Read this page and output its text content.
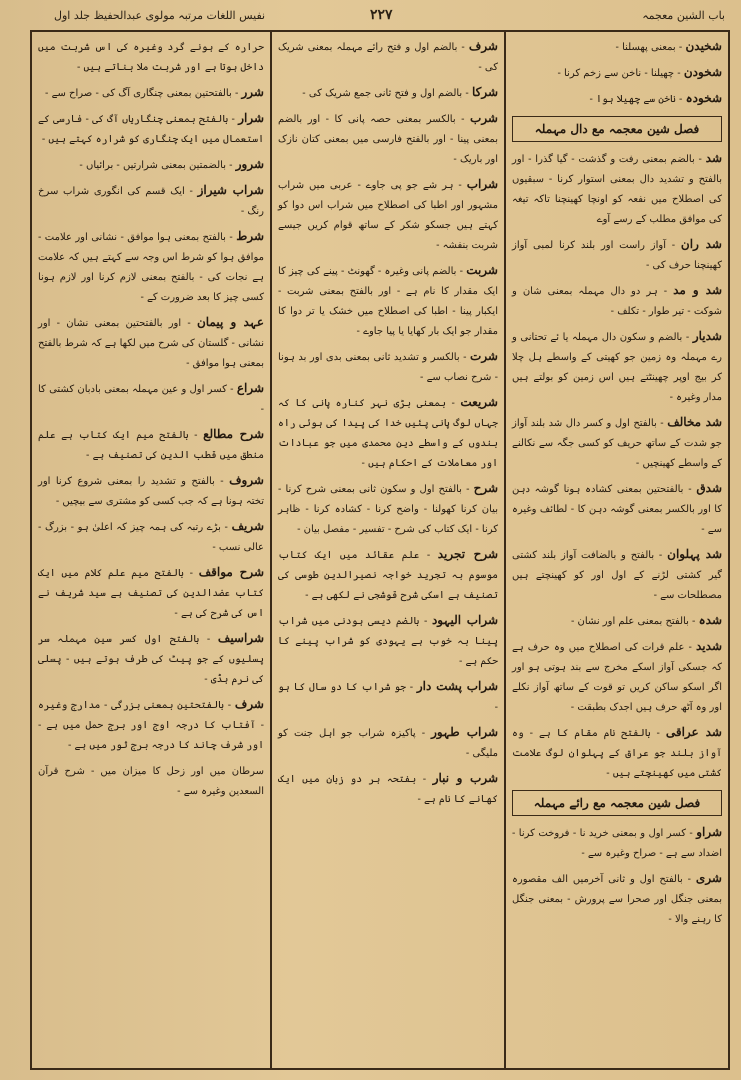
باب الشین معجمہ
۲۲۷
نفیس اللغات مرتبہ مولوی عبدالحفیظ جلد اول
شخیدن - بمعنی پھسلنا -
شخودن - چھیلنا - ناخن سے زخم کرنا -
شخودہ - ناخن سے چھیلا ہوا -
فصل شین معجمہ مع دال مہملہ
شد - بالضم بمعنی رفت و گذشت - گیا گذرا - اور بالفتح و تشدید دال بمعنی استوار کرنا - سبقیوں کی اصطلاح میں نفعہ کو اونچا کھینچنا تاکہ تیغہ کی موافق مطلب کے رسے آوے
شد ران - آواز راست اور بلند کرنا لمبی آواز کھینچنا حرف کی -
شد و مد - ہر دو دال مہملہ بمعنی شان و شوکت - تیر طوار - تکلف -
شدیار - بالضم و سکون دال مہملہ یا ئے تحتانی و رے مہملہ وہ زمین جو کھیتی کے واسطے ہل چلا کر بیج اوپر چھینٹتے ہیں اس زمین کو بولتے ہیں مدار وغیرہ -
شد مخالف - بالفتح اول و کسر دال شد بلند آواز جو شدت کے ساتھ حریف کو کسی جگہ سے نکالنے کے واسطے کھینچیں -
شدق - بالفتحتین بمعنی کشادہ ہونا گوشہ دہن کا اور بالکسر بمعنی گوشہ دہن کا - لطائف وغیرہ سے -
شد پہلوان - بالفتح و بالضافت آواز بلند کشتی گیر کشتی لڑنے کے اول اور کو کھینچتے ہیں مصطلحات سے -
شدہ - بالفتح بمعنی علم اور نشان -
شدید - علم قرات کی اصطلاح میں وہ حرف ہے کہ جسکی آواز اسکے مخرج سے بند ہوتی ہو اور اگر اسکو ساکن کریں تو قوت کے ساتھ آواز نکلے اور وہ آٹھ حرف ہیں اجدک بطبقت -
شد عراقی - بالفتح نام مقام کا ہے - وہ آواز بلند جو عراق کے پہلوان لوگ علامت کشتی میں کھینچتے ہیں -
فصل شین معجمہ مع رائے مہملہ
شراو - کسر اول و بمعنی خرید نا - فروخت کرنا - اضداد سے ہے - صراح وغیرہ سے -
شری - بالفتح اول و ثانی آخرمیں الف مقصورہ بمعنی جنگل اور صحرا سے پرورش - بمعنی جنگل کا رہنے والا -
شرف - بالضم اول و فتح رائے مہملہ بمعنی شریک کی -
شرکا - بالضم اول و فتح ثانی جمع شریک کی -
شرب - بالکسر بمعنی حصہ پانی کا - اور بالضم بمعنی پینا - اور بالفتح فارسی میں بمعنی کتان نازک اور باریک -
شراب - ہر شے جو پی جاوے - عربی میں شراب مشہور اور اطبا کی اصطلاح میں شراب اس دوا کو کہتے ہیں جسکو شکر کے ساتھ قوام کریں جیسے شربت بنفشہ -
شربت - بالضم پانی وغیرہ - گھونٹ - پینے کی چیز کا ایک مقدار کا نام ہے - اور بالفتح بمعنی شربت - ایکبار پینا - اطبا کی اصطلاح میں خشک یا تر دوا کا مقدار جو ایک بار کھایا یا پیا جاوے -
شرت - بالکسر و تشدید ثانی بمعنی بدی اور بد ہونا - شرح نصاب سے -
شریعت - بمعنی بڑی نہر کنارہ پانی کا کہ جہاں لوگ پانی پئیں خدا کی پیدا کی ہوئی راہ بندوں کے واسطے دین محمدی میں جو عبادات اور معاملات کے احکام ہیں -
شرح - بالفتح اول و سکون ثانی بمعنی شرح کرنا - بیان کرنا کھولنا - واضح کرنا - کشادہ کرنا - ظاہر کرنا - ایک کتاب کی شرح - تفسیر - مفصل بیان -
شرح تجرید - علم عقائد میں ایک کتاب موسوم بہ تجرید خواجہ نصیرالدین طوسی کی تصنیف ہے اسکی شرح قوشجی نے لکھی ہے -
شراب الیہود - بالضم دیسی ہودنی میں شراب پینا بہ خوب ہے یہودی کو شراب پینے کا حکم ہے -
شراب پشت دار - جو شراب کا دو سال کا ہو -
شراب طہور - پاکیزہ شراب جو اہل جنت کو ملیگی -
شرب و نبار - بفتحہ ہر دو زبان میں ایک کھانے کا نام ہے -
حرارہ کے ہونے گرد وغیرہ کی اس شربت میں داخل ہوتا ہے اور شربت ملا بناتے ہیں -
شرر - بالفتحتین بمعنی چنگاری آگ کی - صراح سے -
شرار - بالفتح بمعنی چنگاریاں آگ کی - فارسی کے استعمال میں ایک چنگاری کو شرارہ کہتے ہیں -
شرور - بالضمتین بمعنی شرارتیں - برائیاں -
شراب شیراز - ایک قسم کی انگوری شراب سرخ رنگ -
شرط - بالفتح بمعنی ہوا موافق - نشانی اور علامت - موافق ہوا کو شرط اس وجہ سے کہتے ہیں کہ علامت ہے نجات کی - بالفتح بمعنی لازم کرنا اور لازم ہونا کسی چیز کا بعد ضرورت کے -
عہد و پیمان - اور بالفتحتین بمعنی نشان - اور نشانی - گلستان کی شرح میں لکھا ہے کہ شرط بالفتح بمعنی ہوا موافق -
شراع - کسر اول و عین مہملہ بمعنی بادبان کشتی کا -
شرح مطالع - بالفتح میم ایک کتاب ہے علم منطق میں قطب الدین کی تصنیف ہے -
شروف - بالفتح و تشدید را بمعنی شروع کرنا اور تختہ ہونا ہے کہ جب کسی کو مشتری سے بیچیں -
شریف - بڑے رتبہ کی ہمہ چیز کہ اعلیٰ ہو - بزرگ - عالی نسب -
شرح مواقف - بالفتح میم علم کلام میں ایک کتاب عضدالدین کی تصنیف ہے سید شریف نے اس کی شرح کی ہے -
شراسیف - بالفتح اول کسر سین مہملہ سر پسلیوں کے جو پیٹ کی طرف ہوتے ہیں - پسلی کی نرم ہڈی -
شرف - بالفتحتین بمعنی بزرگی - مدارج وغیرہ - آفتاب کا درجہ اوج اور برج حمل میں ہے - اور شرف چاند کا درجہ برج ثور میں ہے -
سرطان میں اور زحل کا میزان میں - شرح قرآن السعدین وغیرہ سے -
